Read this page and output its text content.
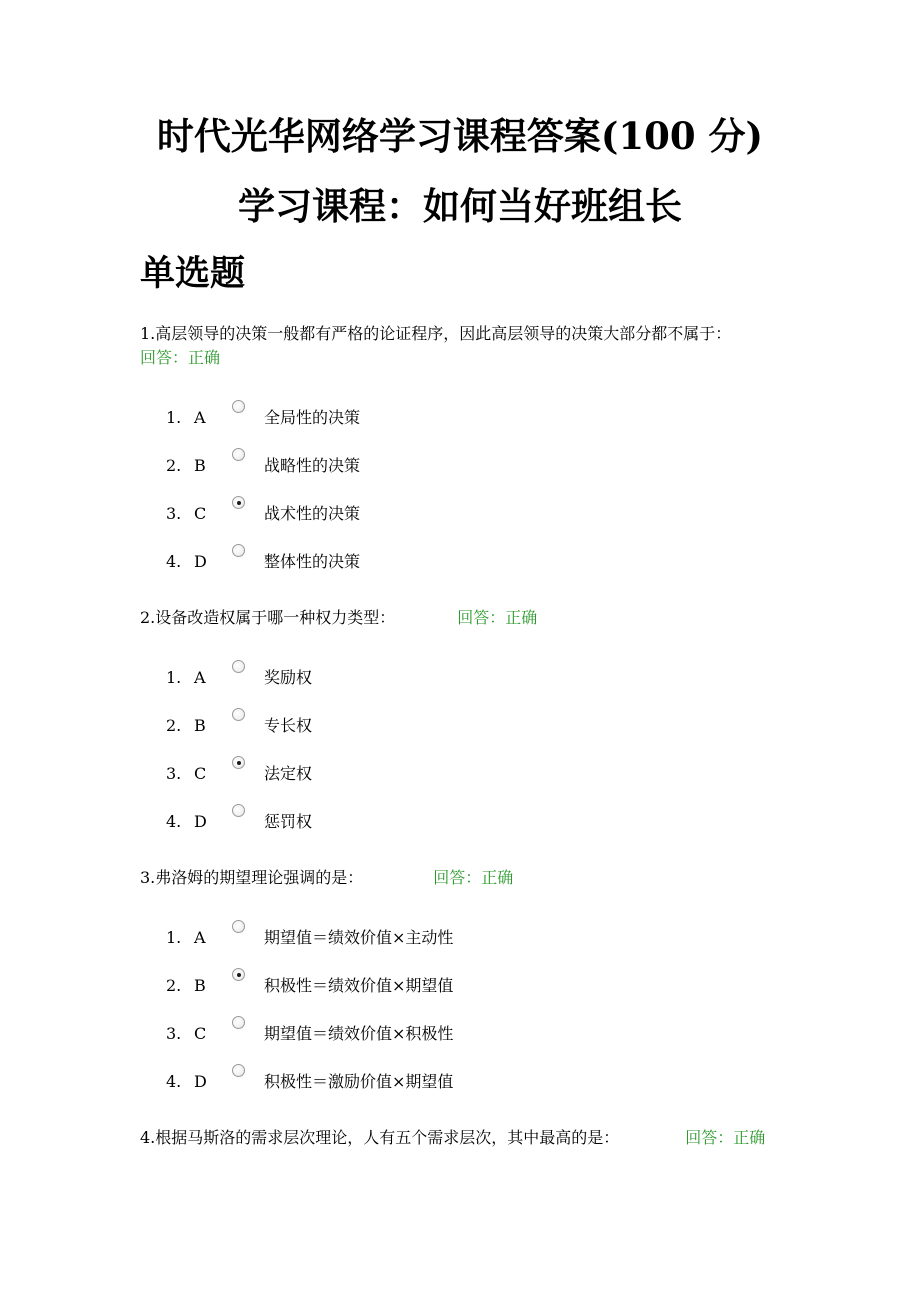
时代光华网络学习课程答案(100 分)
学习课程：如何当好班组长
单选题

1.高层领导的决策一般都有严格的论证程序，因此高层领导的决策大部分都不属于：回答：正确

1. A	全局性的决策
2. B	战略性的决策
3. C	战术性的决策
4. D	整体性的决策

2.设备改造权属于哪一种权力类型：	回答：正确

1. A	奖励权
2. B	专长权
3. C	法定权
4. D	惩罚权

3.弗洛姆的期望理论强调的是：	回答：正确

1. A	期望值＝绩效价值×主动性
2. B	积极性＝绩效价值×期望值
3. C	期望值＝绩效价值×积极性
4. D	积极性＝激励价值×期望值

4.根据马斯洛的需求层次理论，人有五个需求层次，其中最高的是：	回答：正确
